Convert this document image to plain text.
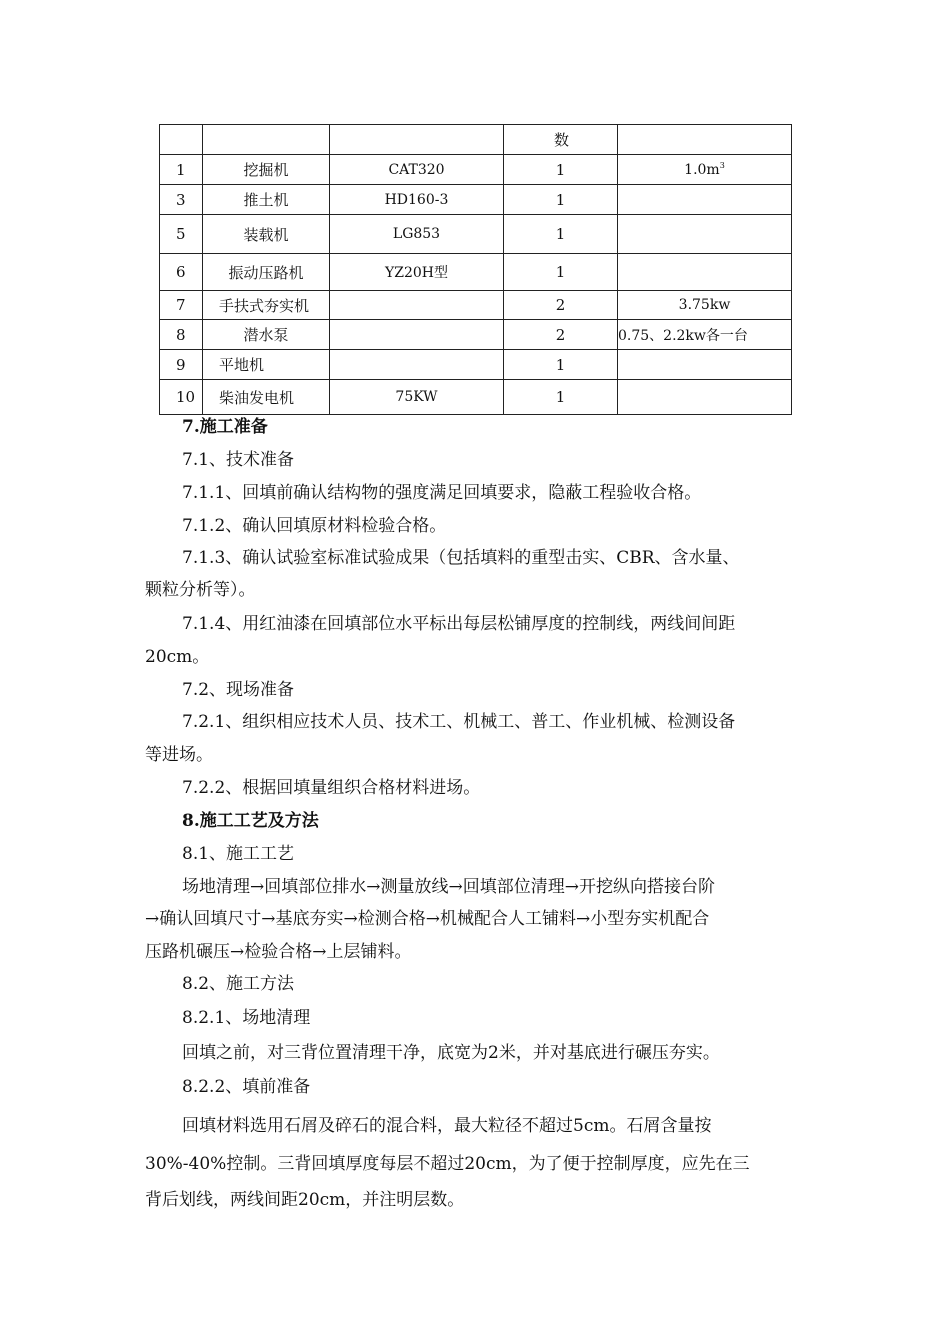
			数	
1	挖掘机	CAT320	1	$1.0m^3$
3	推土机	HD160-3	1	
5	装载机	LG853	1	
6	振动压路机	YZ20H型	1	
7	手扶式夯实机		2	3.75kw
8	潜水泵		2	0.75、2.2kw各一台
9	平地机		1	
10	柴油发电机	75KW	1	
7.施工准备
7.1、技术准备
7.1.1、回填前确认结构物的强度满足回填要求，隐蔽工程验收合格。
7.1.2、确认回填原材料检验合格。
7.1.3、确认试验室标准试验成果（包括填料的重型击实、CBR、含水量、
颗粒分析等）。
7.1.4、用红油漆在回填部位水平标出每层松铺厚度的控制线，两线间间距
20cm。
7.2、现场准备
7.2.1、组织相应技术人员、技术工、机械工、普工、作业机械、检测设备
等进场。
7.2.2、根据回填量组织合格材料进场。
8.施工工艺及方法
8.1、施工工艺
场地清理→回填部位排水→测量放线→回填部位清理→开挖纵向搭接台阶
→确认回填尺寸→基底夯实→检测合格→机械配合人工铺料→小型夯实机配合
压路机碾压→检验合格→上层铺料。
8.2、施工方法
8.2.1、场地清理
回填之前，对三背位置清理干净，底宽为2米，并对基底进行碾压夯实。
8.2.2、填前准备
回填材料选用石屑及碎石的混合料，最大粒径不超过5cm。石屑含量按
30%-40%控制。三背回填厚度每层不超过20cm，为了便于控制厚度，应先在三
背后划线，两线间距20cm，并注明层数。
